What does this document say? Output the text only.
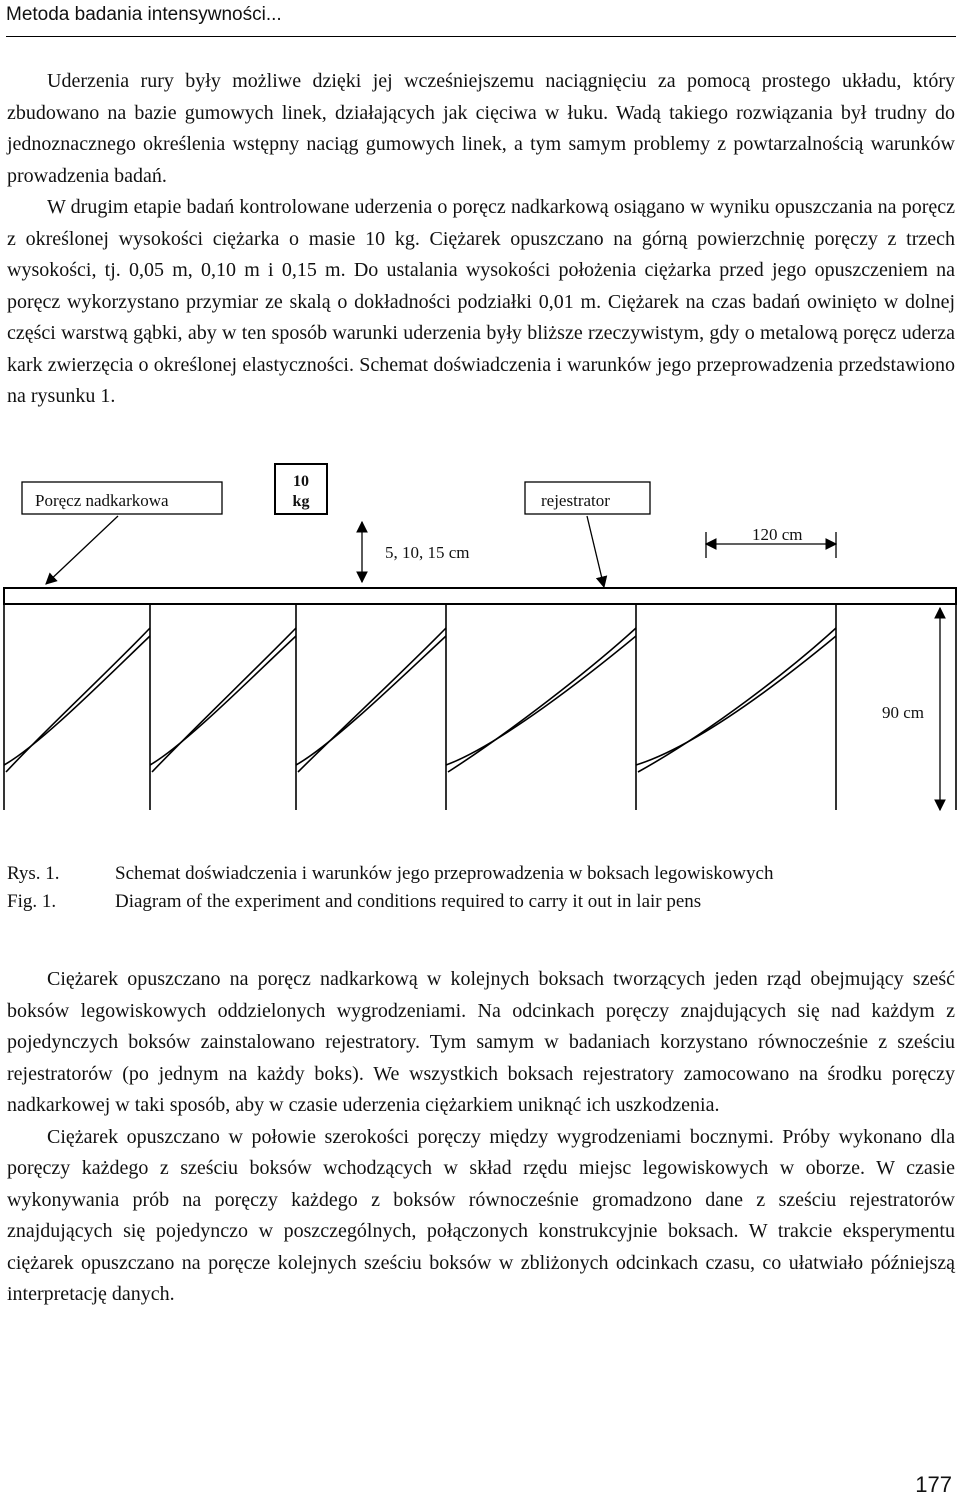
Metoda badania intensywności...

Uderzenia rury były możliwe dzięki jej wcześniejszemu naciągnięciu za pomocą prostego układu, który zbudowano na bazie gumowych linek, działających jak cięciwa w łuku. Wadą takiego rozwiązania był trudny do jednoznacznego określenia wstępny naciąg gumowych linek, a tym samym problemy z powtarzalnością warunków prowadzenia badań.
W drugim etapie badań kontrolowane uderzenia o poręcz nadkarkową osiągano w wyniku opuszczania na poręcz z określonej wysokości ciężarka o masie 10 kg. Ciężarek opuszczano na górną powierzchnię poręczy z trzech wysokości, tj. 0,05 m, 0,10 m i 0,15 m. Do ustalania wysokości położenia ciężarka przed jego opuszczeniem na poręcz wykorzystano przymiar ze skalą o dokładności podziałki 0,01 m. Ciężarek na czas badań owinięto w dolnej części warstwą gąbki, aby w ten sposób warunki uderzenia były bliższe rzeczywistym, gdy o metalową poręcz uderza kark zwierzęcia o określonej elastyczności. Schemat doświadczenia i warunków jego przeprowadzenia przedstawiono na rysunku 1.

Poręcz nadkarkowa
10
kg	rejestrator
5, 10, 15 cm
120 cm
90 cm
Rys. 1.	Schemat doświadczenia i warunków jego przeprowadzenia w boksach legowiskowych
Fig. 1.	Diagram of the experiment and conditions required to carry it out in lair pens

Ciężarek opuszczano na poręcz nadkarkową w kolejnych boksach tworzących jeden rząd obejmujący sześć boksów legowiskowych oddzielonych wygrodzeniami. Na odcinkach poręczy znajdujących się nad każdym z pojedynczych boksów zainstalowano rejestratory. Tym samym w badaniach korzystano równocześnie z sześciu rejestratorów (po jednym na każdy boks). We wszystkich boksach rejestratory zamocowano na środku poręczy nadkarkowej w taki sposób, aby w czasie uderzenia ciężarkiem uniknąć ich uszkodzenia.

Ciężarek opuszczano w połowie szerokości poręczy między wygrodzeniami bocznymi. Próby wykonano dla poręczy każdego z sześciu boksów wchodzących w skład rzędu miejsc legowiskowych w oborze. W czasie wykonywania prób na poręczy każdego z boksów równocześnie gromadzono dane z sześciu rejestratorów znajdujących się pojedynczo w poszczególnych, połączonych konstrukcyjnie boksach. W trakcie eksperymentu ciężarek opuszczano na poręcze kolejnych sześciu boksów w zbliżonych odcinkach czasu, co ułatwiało późniejszą interpretację danych.

177
